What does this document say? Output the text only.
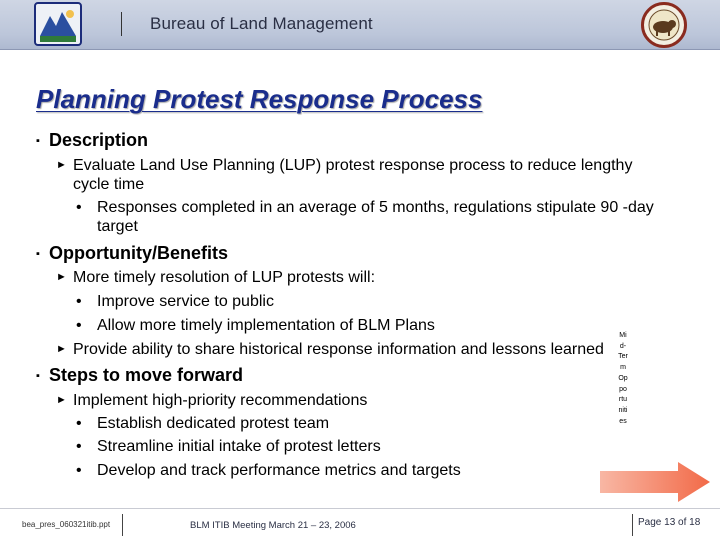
Bureau of Land Management
Planning Protest Response Process
▪ Description
► Evaluate Land Use Planning (LUP) protest response process to reduce lengthy cycle time
• Responses completed in an average of 5 months, regulations stipulate 90 -day target
▪ Opportunity/Benefits
► More timely resolution of LUP protests will:
• Improve service to public
• Allow more timely implementation of BLM Plans
► Provide ability to share historical response information and lessons learned
▪ Steps to move forward
► Implement high-priority recommendations
• Establish dedicated protest team
• Streamline initial intake of protest letters
• Develop and track performance metrics and targets
Mid-Term Opportunities
bea_pres_060321itib.ppt	BLM ITIB Meeting March 21 – 23, 2006	Page 13 of 18
